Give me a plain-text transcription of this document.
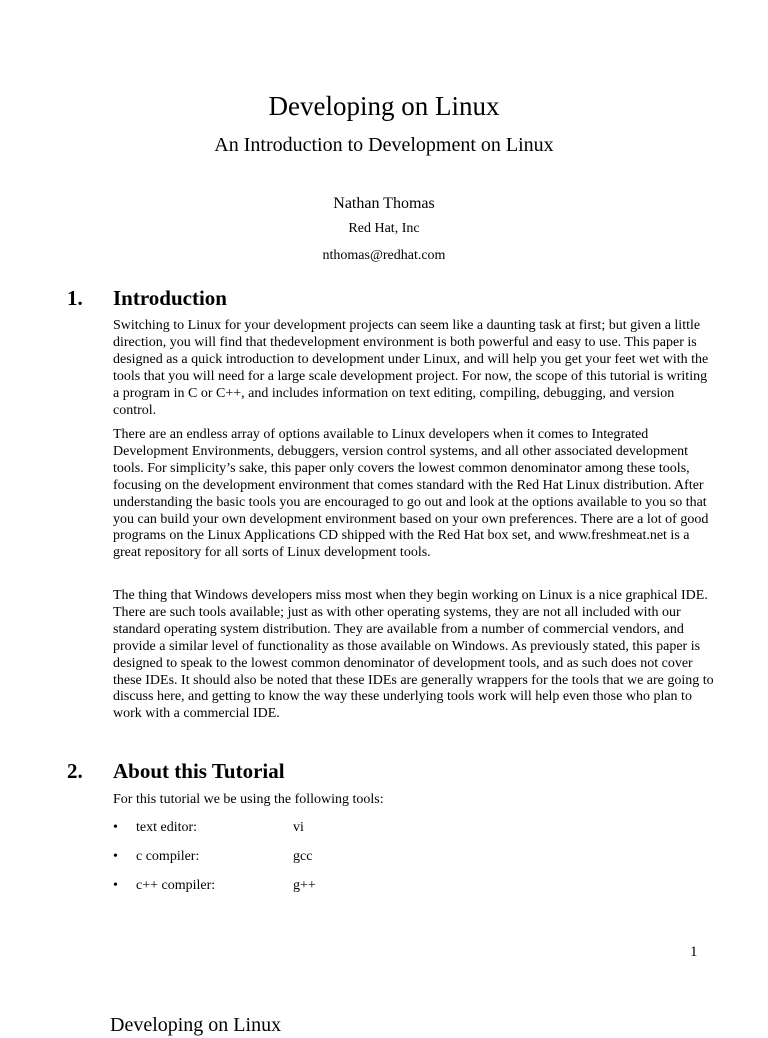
Developing on Linux
An Introduction to Development on Linux
Nathan Thomas
Red Hat, Inc
nthomas@redhat.com
1. Introduction
Switching to Linux for your development projects can seem like a daunting task at first; but given a little direction, you will find that thedevelopment environment is both powerful and easy to use. This paper is designed as a quick introduction to development under Linux, and will help you get your feet wet with the tools that you will need for a large scale development project. For now, the scope of this tutorial is writing a program in C or C++, and includes information on text editing, compiling, debugging, and version control.
There are an endless array of options available to Linux developers when it comes to Integrated Development Environments, debuggers, version control systems, and all other associated development tools. For simplicity’s sake, this paper only covers the lowest common denominator among these tools, focusing on the development environment that comes standard with the Red Hat Linux distribution. After understanding the basic tools you are encouraged to go out and look at the options available to you so that you can build your own development environment based on your own preferences. There are a lot of good programs on the Linux Applications CD shipped with the Red Hat box set, and www.freshmeat.net is a great repository for all sorts of Linux development tools.
The thing that Windows developers miss most when they begin working on Linux is a nice graphical IDE. There are such tools available; just as with other operating systems, they are not all included with our standard operating system distribution. They are available from a number of commercial vendors, and provide a similar level of functionality as those available on Windows. As previously stated, this paper is designed to speak to the lowest common denominator of development tools, and as such does not cover these IDEs. It should also be noted that these IDEs are generally wrappers for the tools that we are going to discuss here, and getting to know the way these underlying tools work will help even those who plan to work with a commercial IDE.
2. About this Tutorial
For this tutorial we be using the following tools:
• text editor:	vi
• c compiler:	gcc
• c++ compiler:	g++
1
Developing on Linux
